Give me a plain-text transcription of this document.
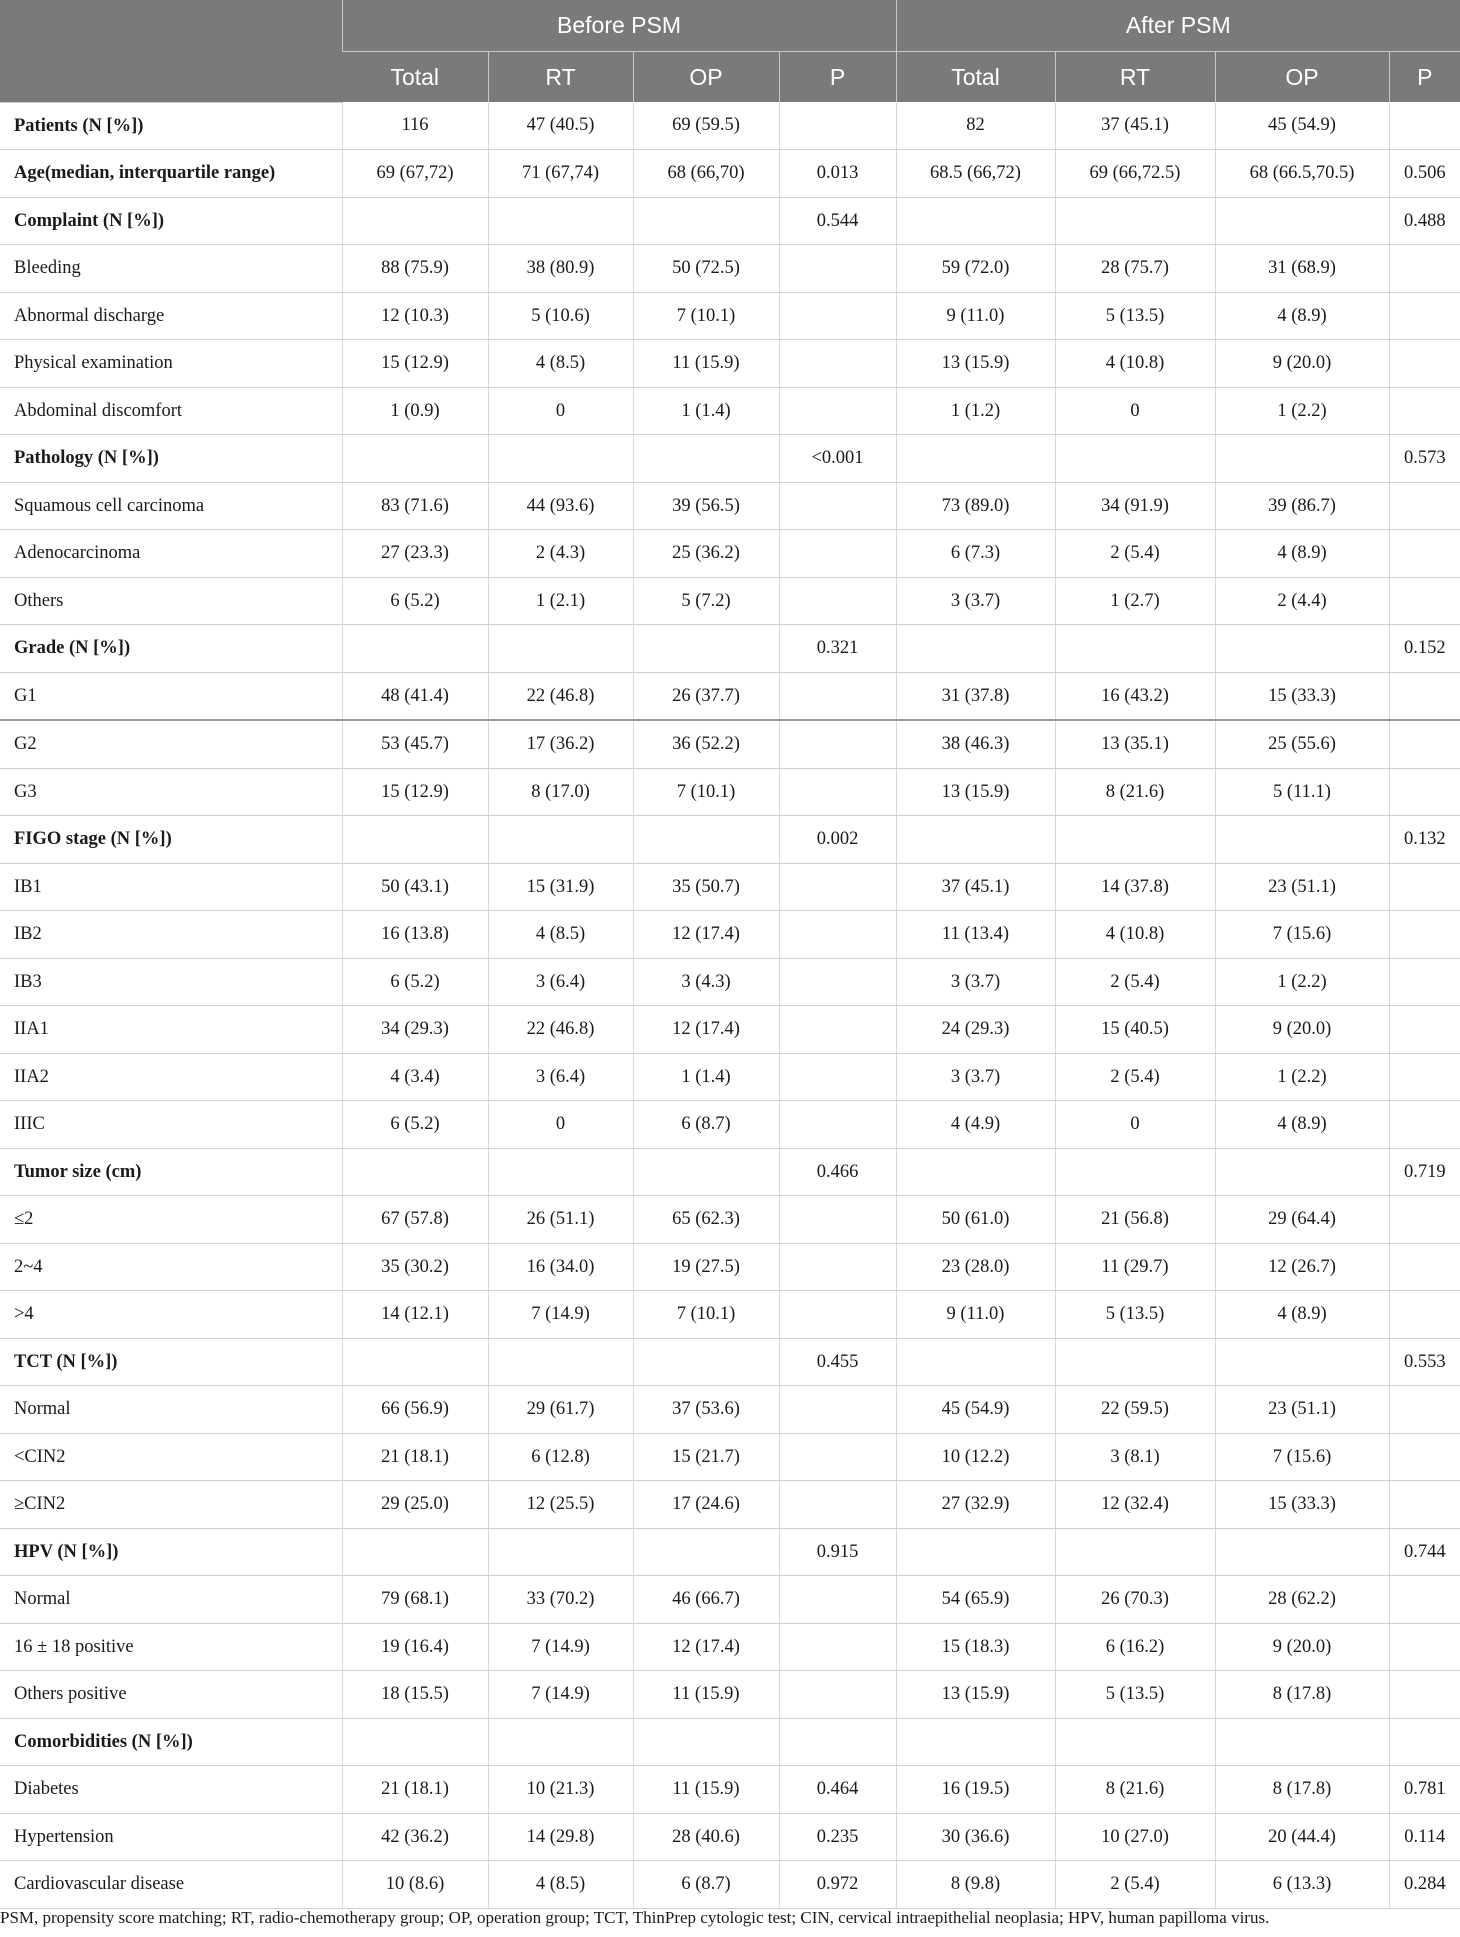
	Before PSM				After PSM			
	Total	RT	OP	P	Total	RT	OP	P
Patients (N [%])	116	47 (40.5)	69 (59.5)		82	37 (45.1)	45 (54.9)	
Age(median, interquartile range)	69 (67,72)	71 (67,74)	68 (66,70)	0.013	68.5 (66,72)	69 (66,72.5)	68 (66.5,70.5)	0.506
Complaint (N [%])				0.544				0.488
Bleeding	88 (75.9)	38 (80.9)	50 (72.5)		59 (72.0)	28 (75.7)	31 (68.9)	
Abnormal discharge	12 (10.3)	5 (10.6)	7 (10.1)		9 (11.0)	5 (13.5)	4 (8.9)	
Physical examination	15 (12.9)	4 (8.5)	11 (15.9)		13 (15.9)	4 (10.8)	9 (20.0)	
Abdominal discomfort	1 (0.9)	0	1 (1.4)		1 (1.2)	0	1 (2.2)	
Pathology (N [%])				<0.001				0.573
Squamous cell carcinoma	83 (71.6)	44 (93.6)	39 (56.5)		73 (89.0)	34 (91.9)	39 (86.7)	
Adenocarcinoma	27 (23.3)	2 (4.3)	25 (36.2)		6 (7.3)	2 (5.4)	4 (8.9)	
Others	6 (5.2)	1 (2.1)	5 (7.2)		3 (3.7)	1 (2.7)	2 (4.4)	
Grade (N [%])				0.321				0.152
G1	48 (41.4)	22 (46.8)	26 (37.7)		31 (37.8)	16 (43.2)	15 (33.3)	
G2	53 (45.7)	17 (36.2)	36 (52.2)		38 (46.3)	13 (35.1)	25 (55.6)	
G3	15 (12.9)	8 (17.0)	7 (10.1)		13 (15.9)	8 (21.6)	5 (11.1)	
FIGO stage (N [%])				0.002				0.132
IB1	50 (43.1)	15 (31.9)	35 (50.7)		37 (45.1)	14 (37.8)	23 (51.1)	
IB2	16 (13.8)	4 (8.5)	12 (17.4)		11 (13.4)	4 (10.8)	7 (15.6)	
IB3	6 (5.2)	3 (6.4)	3 (4.3)		3 (3.7)	2 (5.4)	1 (2.2)	
IIA1	34 (29.3)	22 (46.8)	12 (17.4)		24 (29.3)	15 (40.5)	9 (20.0)	
IIA2	4 (3.4)	3 (6.4)	1 (1.4)		3 (3.7)	2 (5.4)	1 (2.2)	
IIIC	6 (5.2)	0	6 (8.7)		4 (4.9)	0	4 (8.9)	
Tumor size (cm)				0.466				0.719
≤2	67 (57.8)	26 (51.1)	65 (62.3)		50 (61.0)	21 (56.8)	29 (64.4)	
2~4	35 (30.2)	16 (34.0)	19 (27.5)		23 (28.0)	11 (29.7)	12 (26.7)	
>4	14 (12.1)	7 (14.9)	7 (10.1)		9 (11.0)	5 (13.5)	4 (8.9)	
TCT (N [%])				0.455				0.553
Normal	66 (56.9)	29 (61.7)	37 (53.6)		45 (54.9)	22 (59.5)	23 (51.1)	
<CIN2	21 (18.1)	6 (12.8)	15 (21.7)		10 (12.2)	3 (8.1)	7 (15.6)	
≥CIN2	29 (25.0)	12 (25.5)	17 (24.6)		27 (32.9)	12 (32.4)	15 (33.3)	
HPV (N [%])				0.915				0.744
Normal	79 (68.1)	33 (70.2)	46 (66.7)		54 (65.9)	26 (70.3)	28 (62.2)	
16 ± 18 positive	19 (16.4)	7 (14.9)	12 (17.4)		15 (18.3)	6 (16.2)	9 (20.0)	
Others positive	18 (15.5)	7 (14.9)	11 (15.9)		13 (15.9)	5 (13.5)	8 (17.8)	
Comorbidities (N [%])								
Diabetes	21 (18.1)	10 (21.3)	11 (15.9)	0.464	16 (19.5)	8 (21.6)	8 (17.8)	0.781
Hypertension	42 (36.2)	14 (29.8)	28 (40.6)	0.235	30 (36.6)	10 (27.0)	20 (44.4)	0.114
Cardiovascular disease	10 (8.6)	4 (8.5)	6 (8.7)	0.972	8 (9.8)	2 (5.4)	6 (13.3)	0.284
PSM, propensity score matching; RT, radio-chemotherapy group; OP, operation group; TCT, ThinPrep cytologic test; CIN, cervical intraepithelial neoplasia; HPV, human papilloma virus.
